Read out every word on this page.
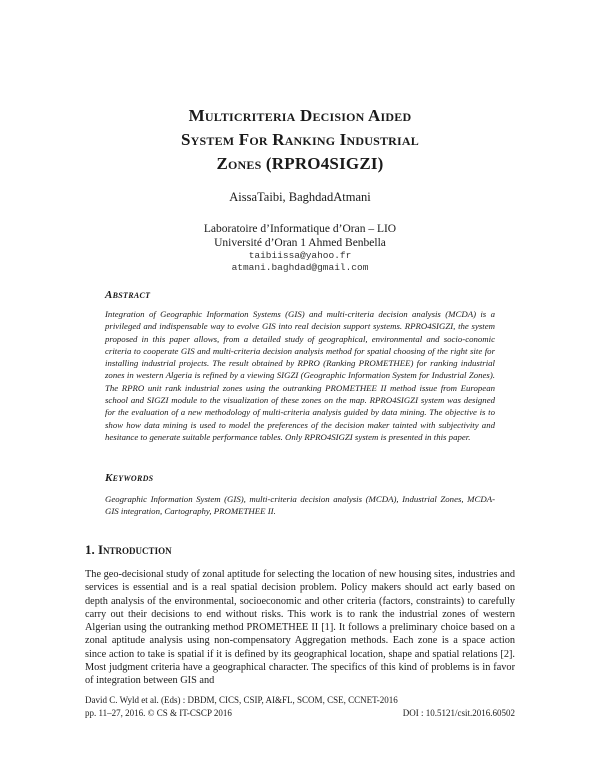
Multicriteria Decision Aided
System For Ranking Industrial
Zones (RPRO4SIGZI)
AissaTaibi, BaghdadAtmani
Laboratoire d’Informatique d’Oran – LIO
Université d’Oran 1 Ahmed Benbella
taibiissa@yahoo.fr
atmani.baghdad@gmail.com
Abstract
Integration of Geographic Information Systems (GIS) and multi-criteria decision analysis (MCDA) is a privileged and indispensable way to evolve GIS into real decision support systems. RPRO4SIGZI, the system proposed in this paper allows, from a detailed study of geographical, environmental and socio-conomic criteria to cooperate GIS and multi-criteria decision analysis method for spatial choosing of the right site for installing industrial projects. The result obtained by RPRO (Ranking PROMETHEE) for ranking industrial zones in western Algeria is refined by a viewing SIGZI (Geographic Information System for Industrial Zones). The RPRO unit rank industrial zones using the outranking PROMETHEE II method issue from European school and SIGZI module to the visualization of these zones on the map. RPRO4SIGZI system was designed for the evaluation of a new methodology of multi-criteria analysis guided by data mining. The objective is to show how data mining is used to model the preferences of the decision maker tainted with subjectivity and hesitance to generate suitable performance tables. Only RPRO4SIGZI system is presented in this paper.
Keywords
Geographic Information System (GIS), multi-criteria decision analysis (MCDA), Industrial Zones, MCDA-GIS integration, Cartography, PROMETHEE II.
1. Introduction
The geo-decisional study of zonal aptitude for selecting the location of new housing sites, industries and services is essential and is a real spatial decision problem. Policy makers should act early based on depth analysis of the environmental, socioeconomic and other criteria (factors, constraints) to carefully carry out their decisions to end without risks. This work is to rank the industrial zones of western Algerian using the outranking method PROMETHEE II [1]. It follows a preliminary choice based on a zonal aptitude analysis using non-compensatory Aggregation methods. Each zone is a space action since action to take is spatial if it is defined by its geographical location, shape and spatial relations [2]. Most judgment criteria have a geographical character. The specifics of this kind of problems is in favor of integration between GIS and
David C. Wyld et al. (Eds) : DBDM, CICS, CSIP, AI&FL, SCOM, CSE, CCNET-2016
pp. 11–27, 2016. © CS & IT-CSCP 2016	DOI : 10.5121/csit.2016.60502
